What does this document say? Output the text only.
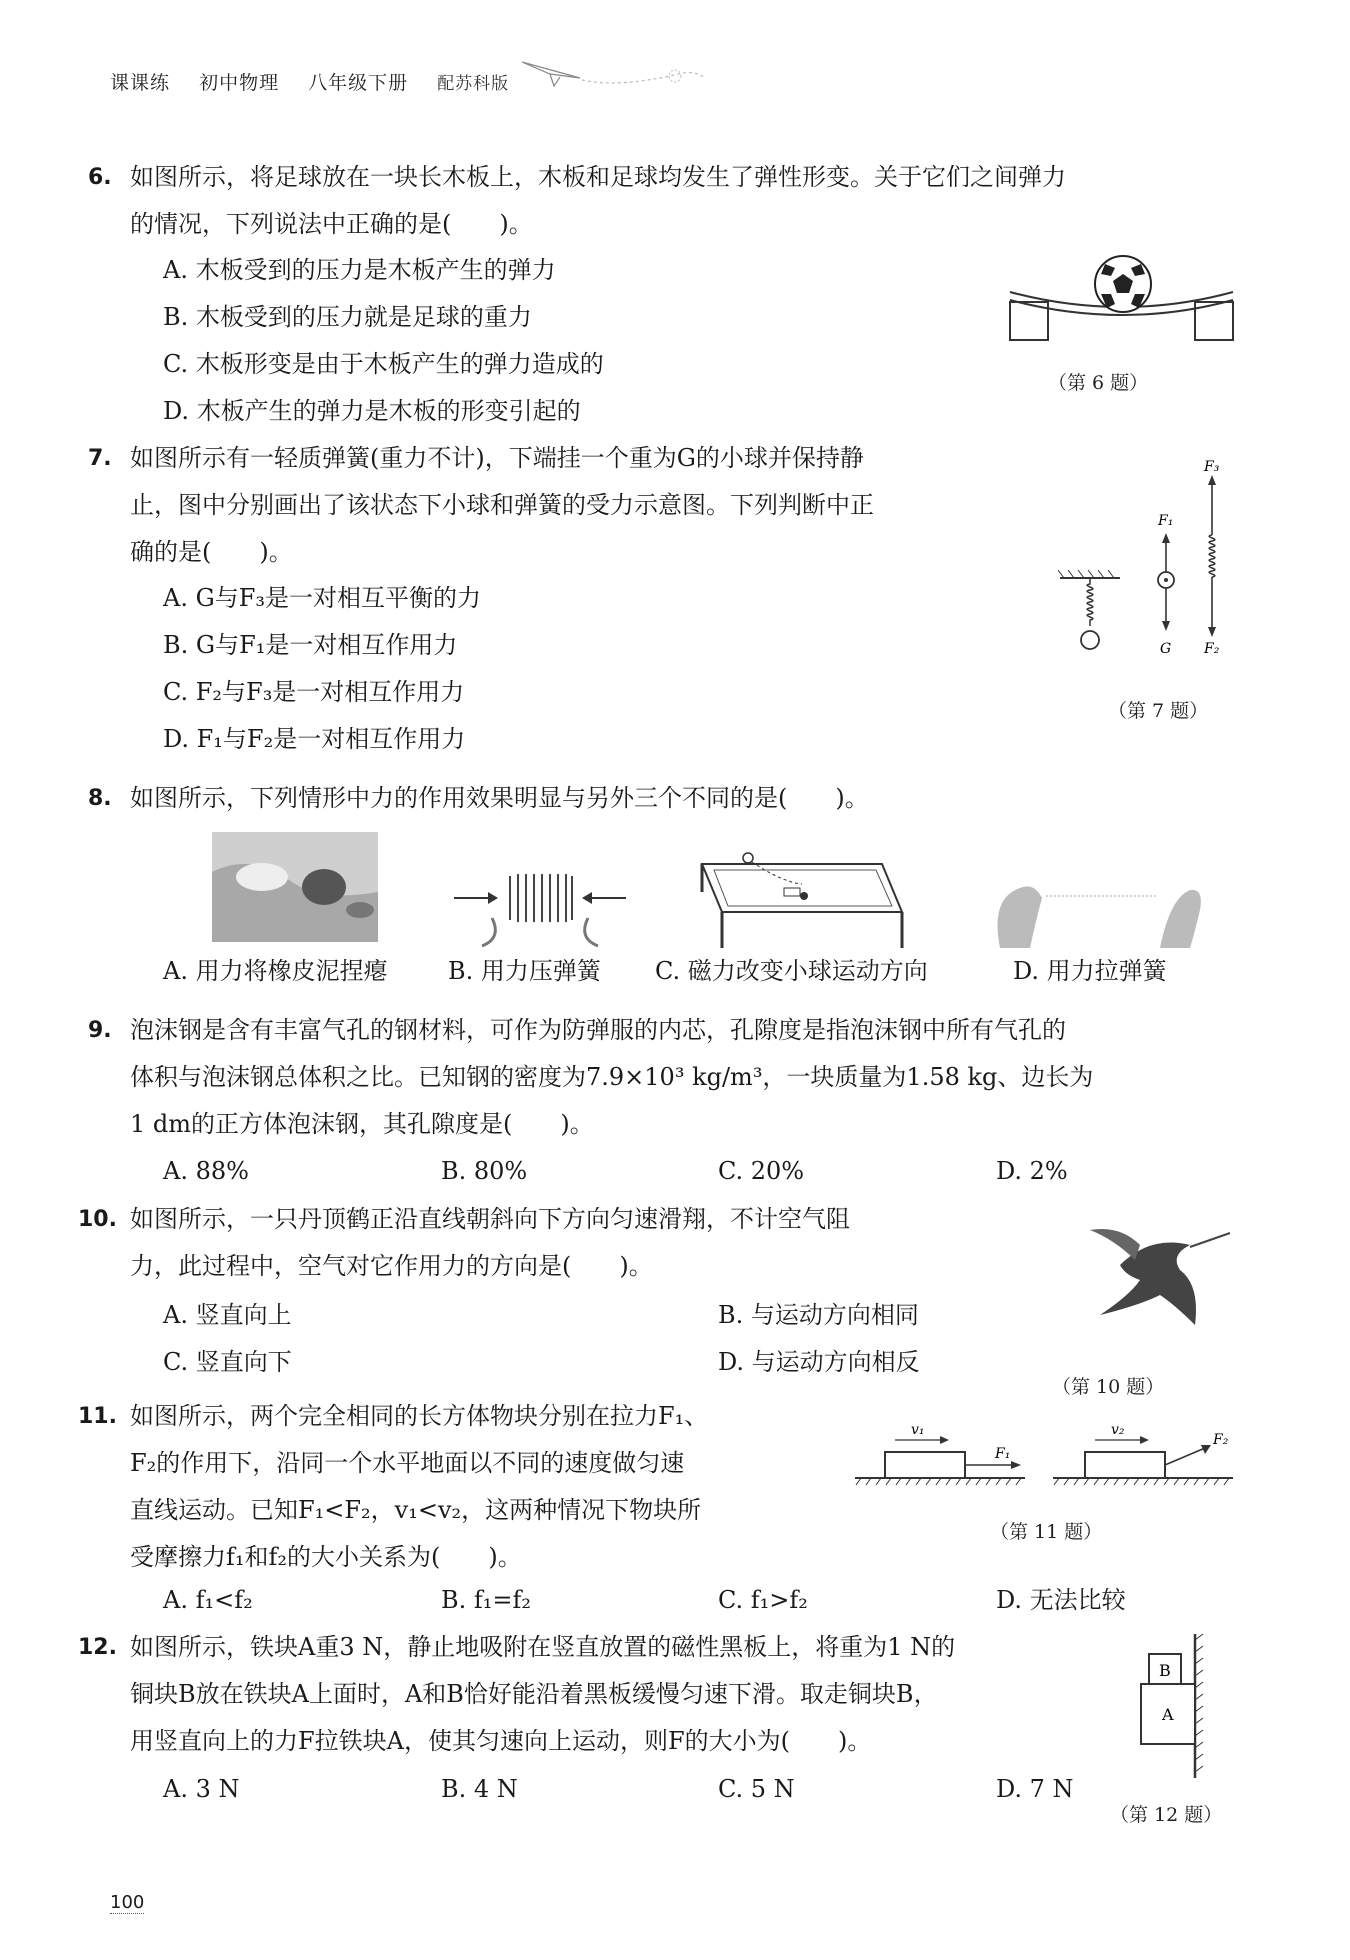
课课练 初中物理 八年级下册 配苏科版
6. 如图所示，将足球放在一块长木板上，木板和足球均发生了弹性形变。关于它们之间弹力
的情况，下列说法中正确的是(　　)。
A. 木板受到的压力是木板产生的弹力
B. 木板受到的压力就是足球的重力
C. 木板形变是由于木板产生的弹力造成的
D. 木板产生的弹力是木板的形变引起的
（第 6 题）
7. 如图所示有一轻质弹簧(重力不计)，下端挂一个重为G的小球并保持静
止，图中分别画出了该状态下小球和弹簧的受力示意图。下列判断中正
确的是(　　)。
A. G与F₃是一对相互平衡的力
B. G与F₁是一对相互作用力
C. F₂与F₃是一对相互作用力
D. F₁与F₂是一对相互作用力
F₁
G
F₃
F₂
（第 7 题）
8. 如图所示，下列情形中力的作用效果明显与另外三个不同的是(　　)。
A. 用力将橡皮泥捏瘪	B. 用力压弹簧 C. 磁力改变小球运动方向	D. 用力拉弹簧
9. 泡沫钢是含有丰富气孔的钢材料，可作为防弹服的内芯，孔隙度是指泡沫钢中所有气孔的
体积与泡沫钢总体积之比。已知钢的密度为7.9×10³ kg/m³，一块质量为1.58 kg、边长为
1 dm的正方体泡沫钢，其孔隙度是(　　)。
A. 88%	B. 80%	C. 20%	D. 2%
10. 如图所示，一只丹顶鹤正沿直线朝斜向下方向匀速滑翔，不计空气阻
力，此过程中，空气对它作用力的方向是(　　)。
A. 竖直向上	B. 与运动方向相同
C. 竖直向下	D. 与运动方向相反
（第 10 题）
11. 如图所示，两个完全相同的长方体物块分别在拉力F₁、
F₂的作用下，沿同一个水平地面以不同的速度做匀速
直线运动。已知F₁<F₂，v₁<v₂，这两种情况下物块所
受摩擦力f₁和f₂的大小关系为(　　)。
v₁
F₁
v₂
F₂
（第 11 题）
A. f₁<f₂	B. f₁=f₂	C. f₁>f₂	D. 无法比较
12. 如图所示，铁块A重3 N，静止地吸附在竖直放置的磁性黑板上，将重为1 N的
铜块B放在铁块A上面时，A和B恰好能沿着黑板缓慢匀速下滑。取走铜块B，
用竖直向上的力F拉铁块A，使其匀速向上运动，则F的大小为(　　)。
A. 3 N	B. 4 N	C. 5 N	D. 7 N
B
A
（第 12 题）
100
